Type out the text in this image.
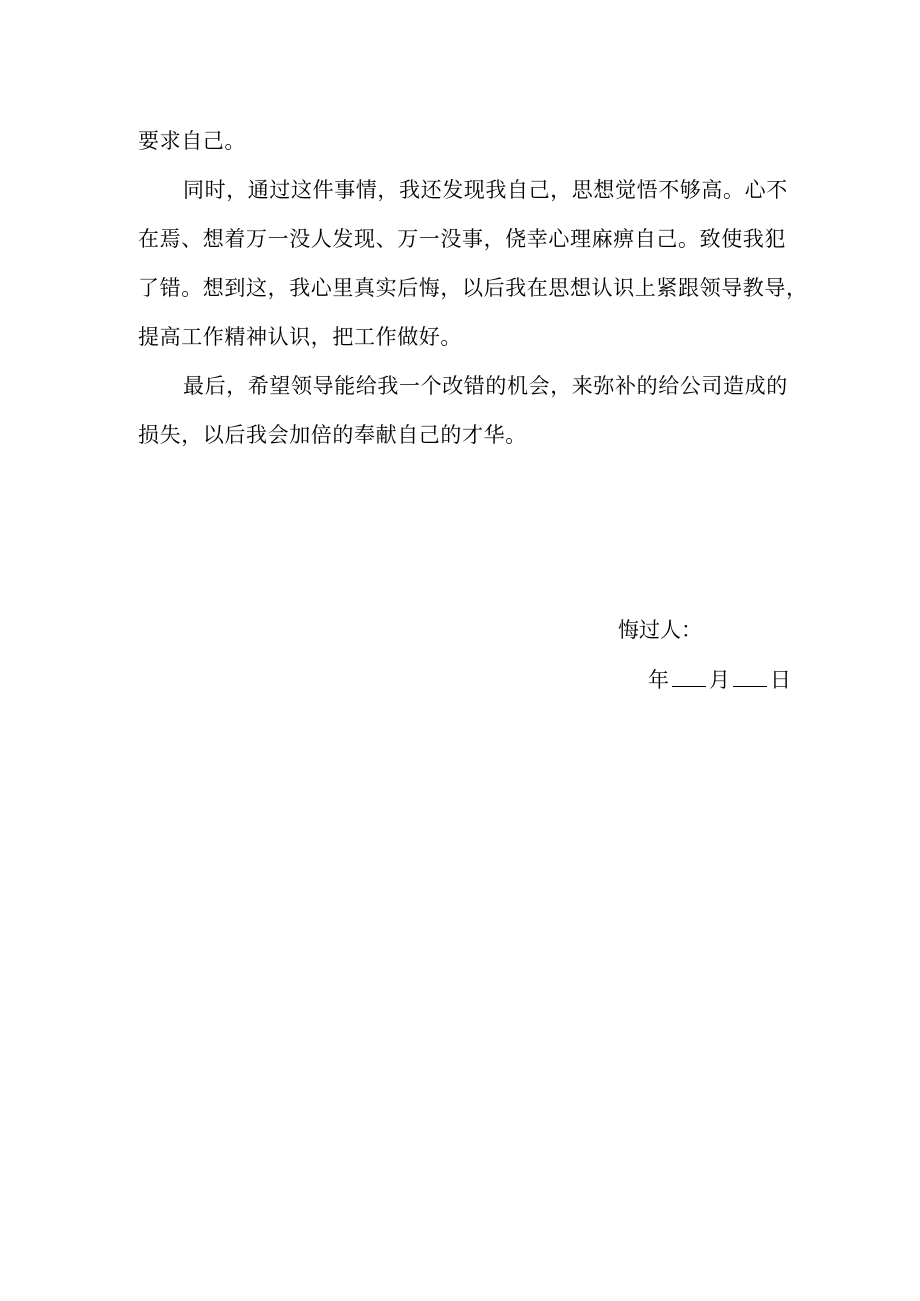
要求自己。
同时，通过这件事情，我还发现我自己，思想觉悟不够高。心不
在焉、想着万一没人发现、万一没事，侥幸心理麻痹自己。致使我犯
了错。想到这，我心里真实后悔，以后我在思想认识上紧跟领导教导，
提高工作精神认识，把工作做好。
最后，希望领导能给我一个改错的机会，来弥补的给公司造成的
损失，以后我会加倍的奉献自己的才华。
悔过人：
年 月 日
